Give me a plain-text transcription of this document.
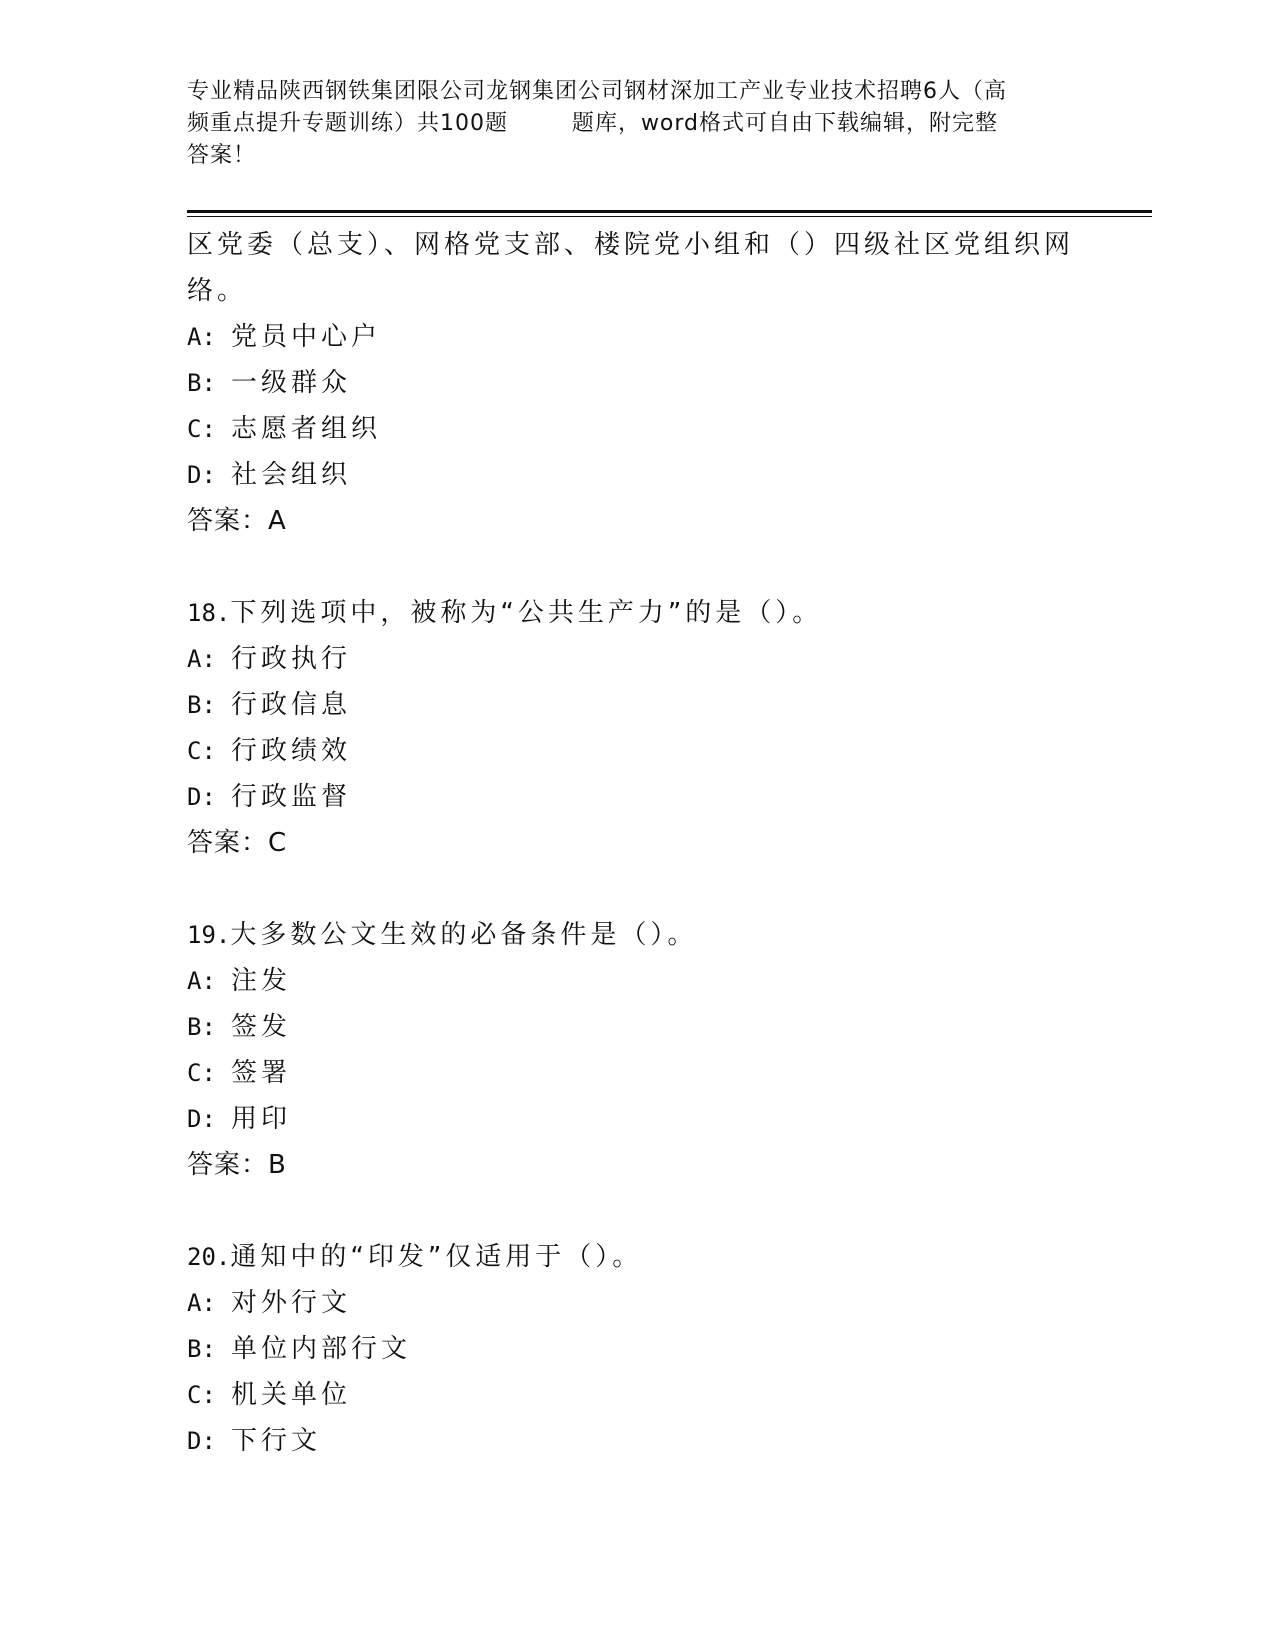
专业精品陕西钢铁集团限公司龙钢集团公司钢材深加工产业专业技术招聘6人（高
频重点提升专题训练）共100题        题库，word格式可自由下载编辑，附完整
答案！
区党委（总支）、网格党支部、楼院党小组和（）四级社区党组织网
络。
A: 党员中心户
B: 一级群众
C: 志愿者组织
D: 社会组织
答案：A
18.下列选项中，被称为“公共生产力”的是（）。
A: 行政执行
B: 行政信息
C: 行政绩效
D: 行政监督
答案：C
19.大多数公文生效的必备条件是（）。
A: 注发
B: 签发
C: 签署
D: 用印
答案：B
20.通知中的“印发”仅适用于（）。
A: 对外行文
B: 单位内部行文
C: 机关单位
D: 下行文
